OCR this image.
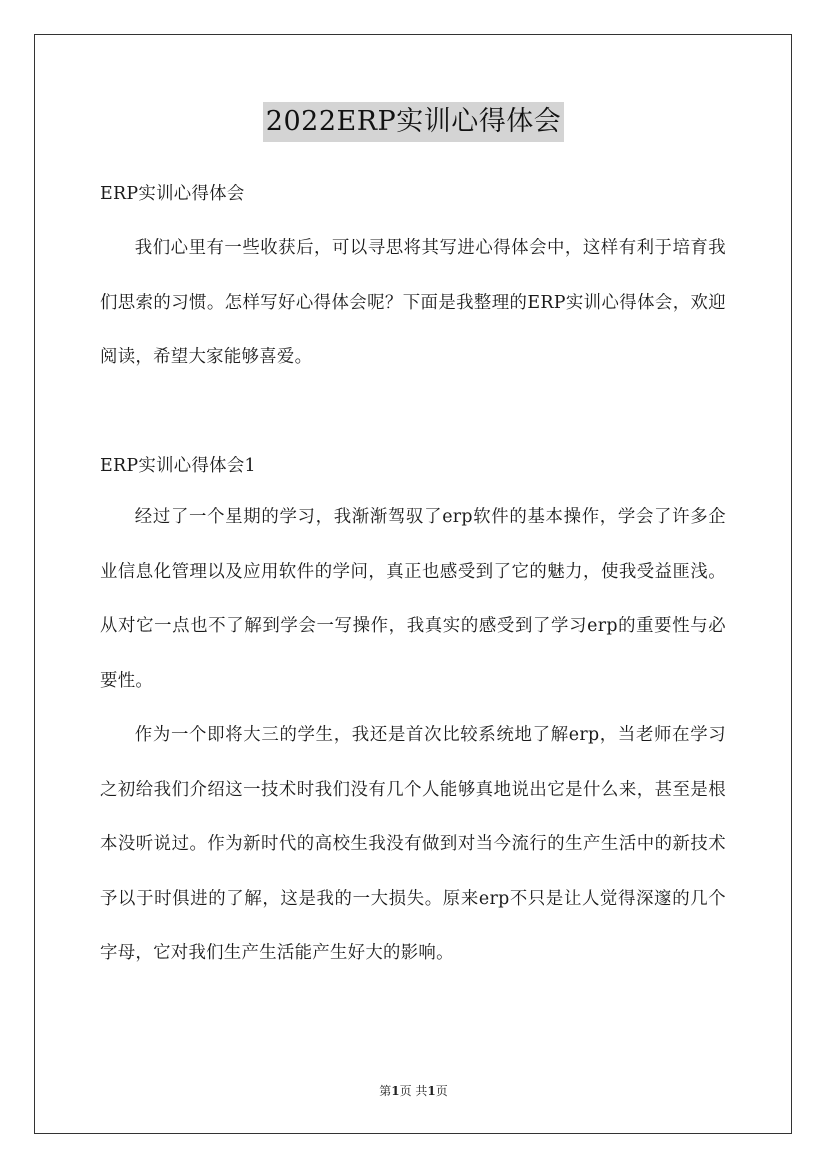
2022ERP实训心得体会

ERP实训心得体会

我们心里有一些收获后，可以寻思将其写进心得体会中，这样有利于培育我们思索的习惯。怎样写好心得体会呢？下面是我整理的ERP实训心得体会，欢迎阅读，希望大家能够喜爱。

ERP实训心得体会1

经过了一个星期的学习，我渐渐驾驭了erp软件的基本操作，学会了许多企业信息化管理以及应用软件的学问，真正也感受到了它的魅力，使我受益匪浅。从对它一点也不了解到学会一写操作，我真实的感受到了学习erp的重要性与必要性。

作为一个即将大三的学生，我还是首次比较系统地了解erp，当老师在学习之初给我们介绍这一技术时我们没有几个人能够真地说出它是什么来，甚至是根本没听说过。作为新时代的高校生我没有做到对当今流行的生产生活中的新技术予以于时俱进的了解，这是我的一大损失。原来erp不只是让人觉得深邃的几个字母，它对我们生产生活能产生好大的影响。

第1页 共1页
